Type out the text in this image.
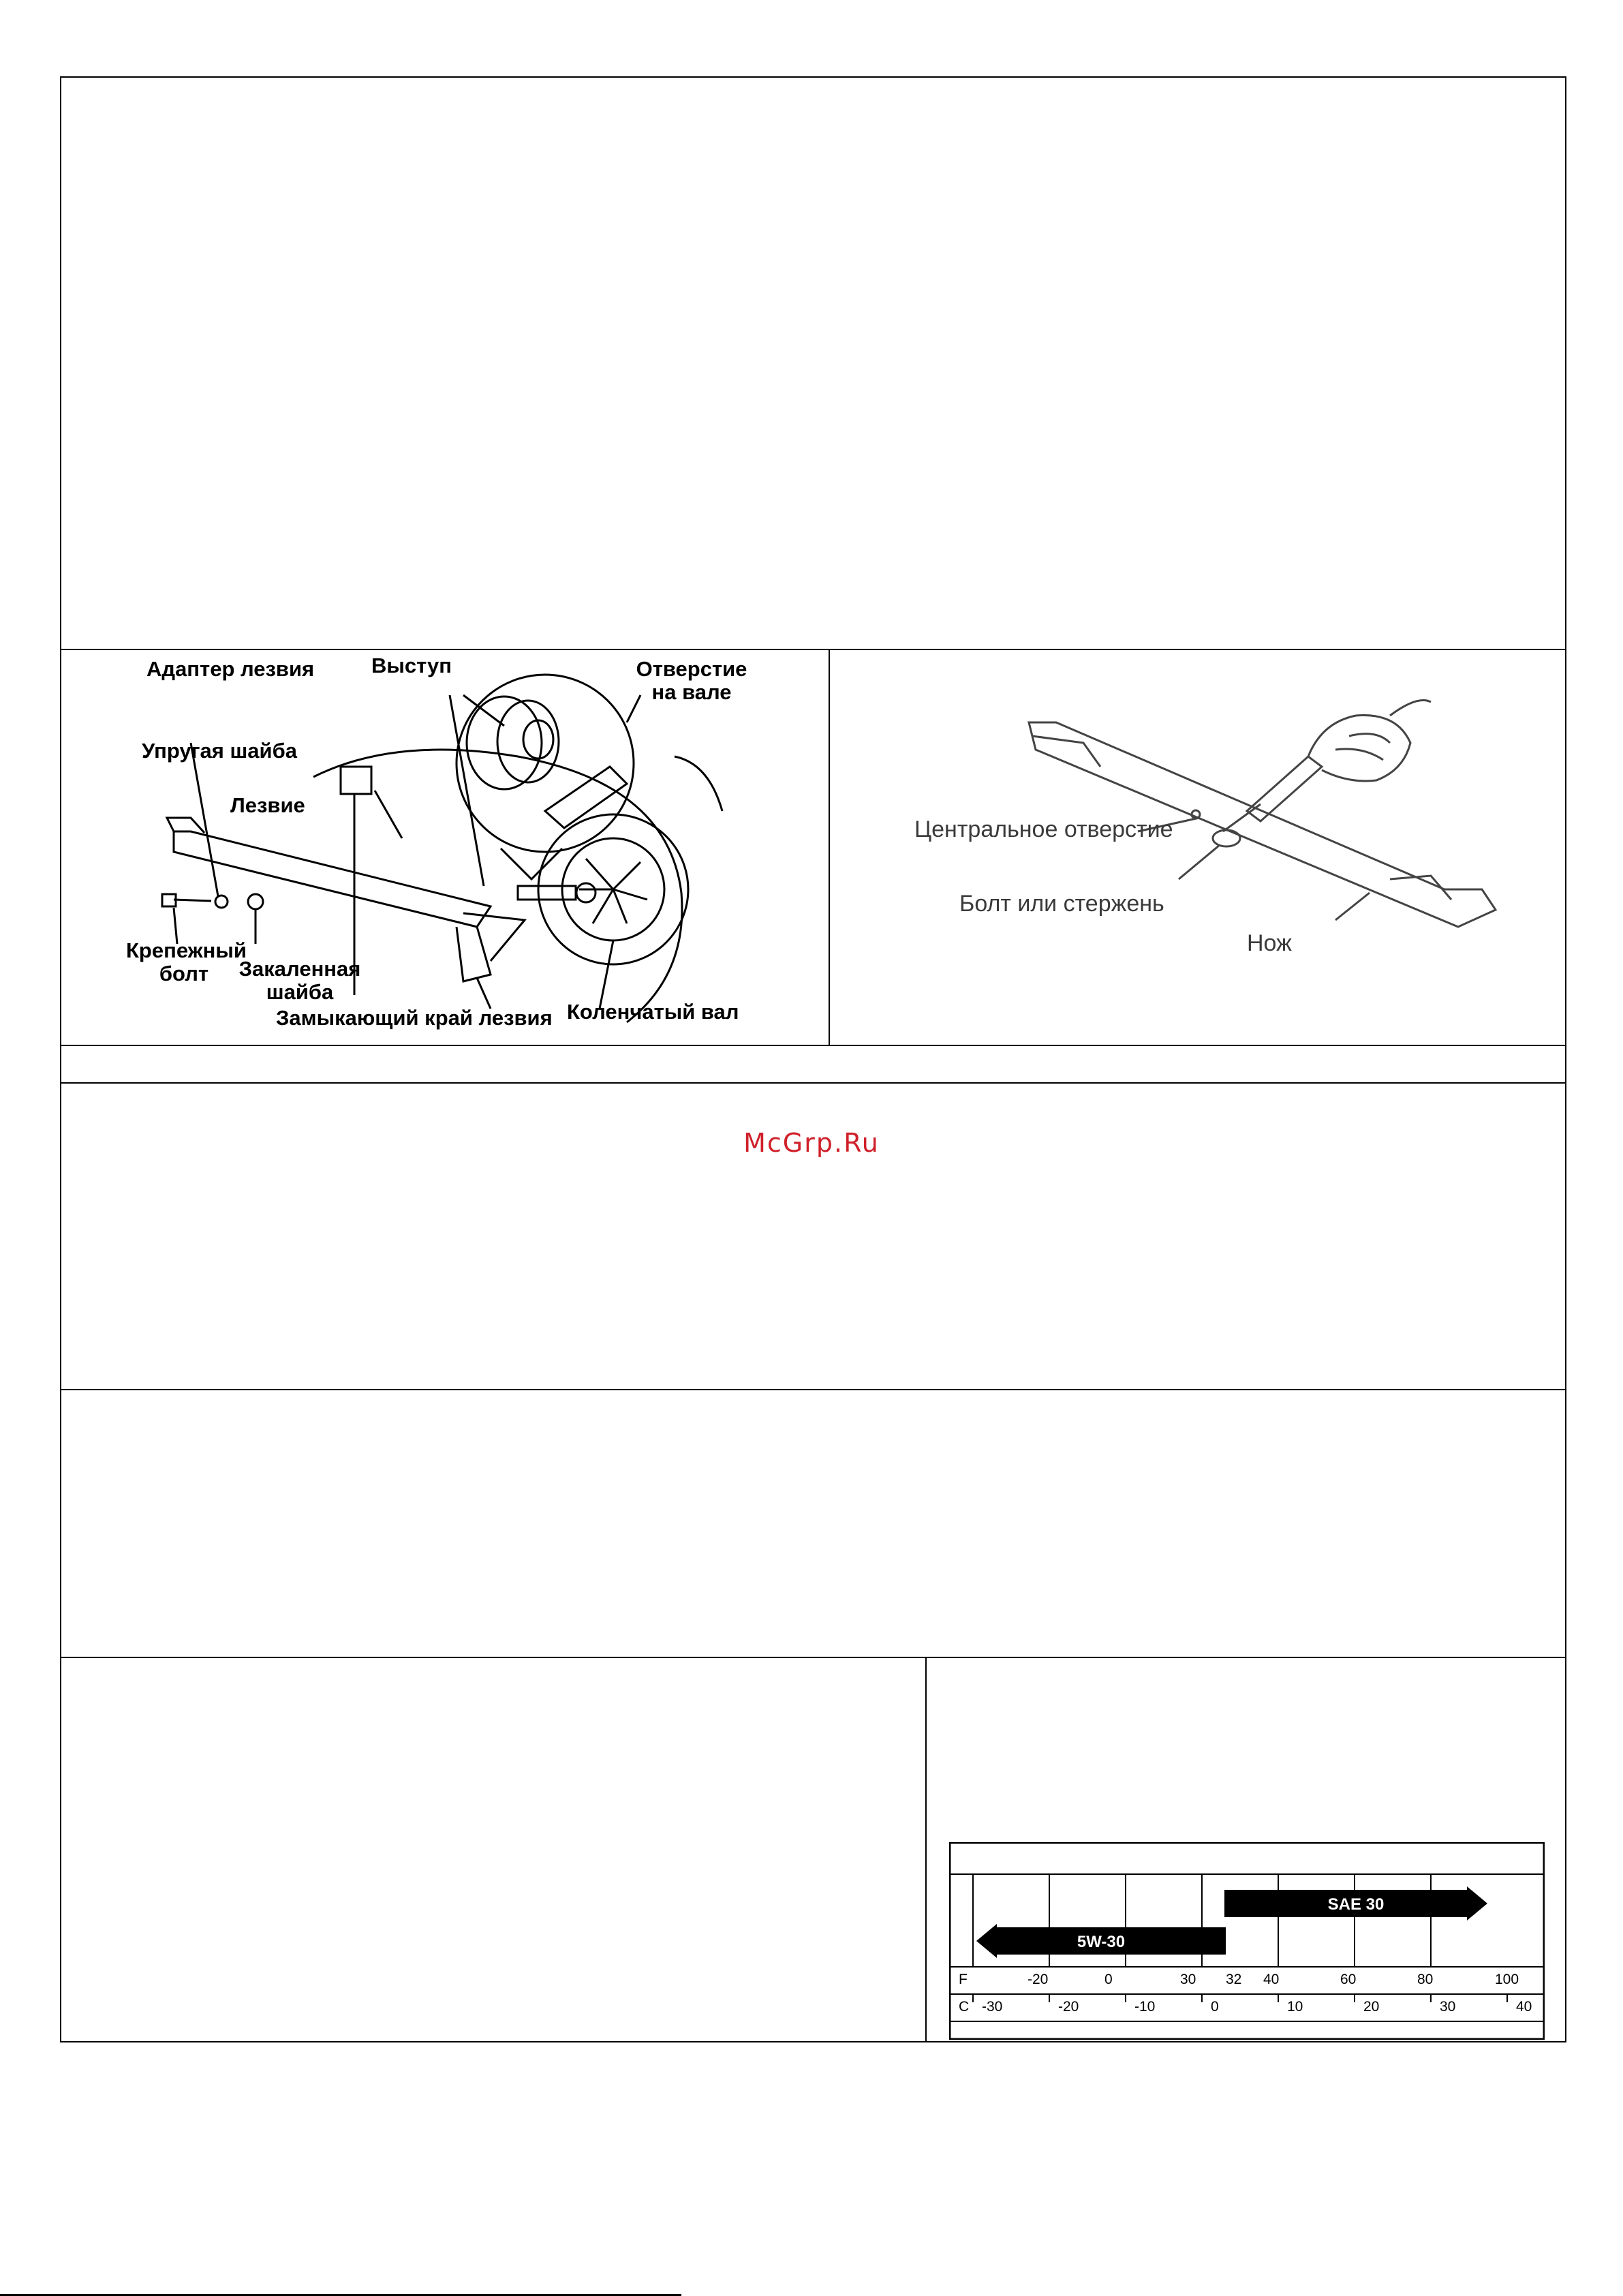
Адаптер лезвия	Выступ	Отверстие
на вале
Упругая шайба
Лезвие
Крепежный
болт	Закаленная
шайба
Замыкающий край лезвия Коленчатый вал
Центральное отверстие
Болт или стержень
Нож
McGrp.Ru
5W-30
SAE 30
F
C
-20	0	30 32 40	60	80	100
-30	-20	-10	0	10	20	30	40
